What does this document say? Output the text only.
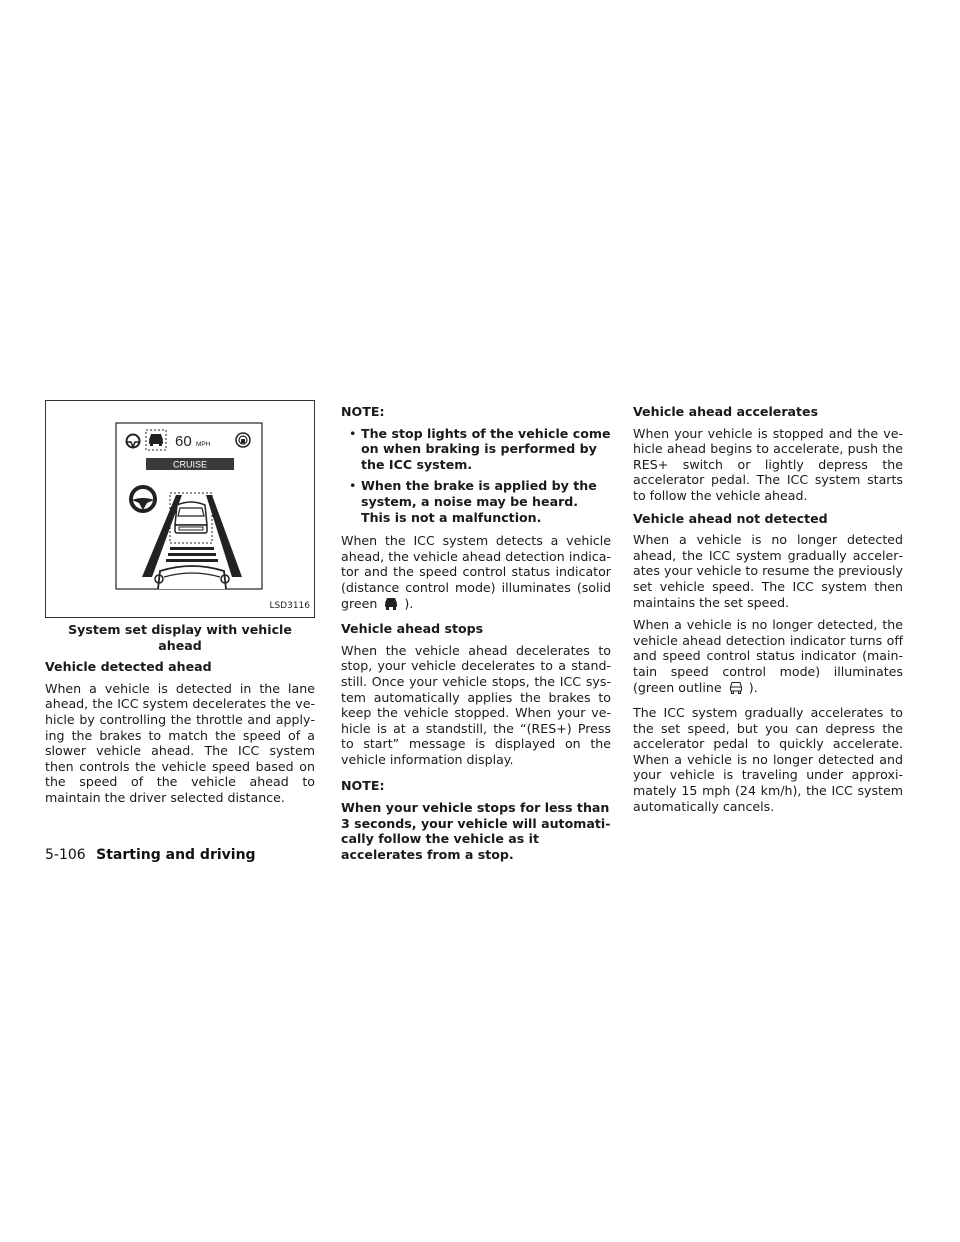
60 MPH
CRUISE
LSD3116
System set display with vehicle ahead
Vehicle detected ahead

When a vehicle is detected in the lane ahead, the ICC system decelerates the vehicle by controlling the throttle and applying the brakes to match the speed of a slower vehicle ahead. The ICC system then controls the vehicle speed based on the speed of the vehicle ahead to maintain the driver selected distance.

NOTE:
• The stop lights of the vehicle come on when braking is performed by the ICC system.
• When the brake is applied by the system, a noise may be heard. This is not a malfunction.

When the ICC system detects a vehicle ahead, the vehicle ahead detection indicator and the speed control status indicator (distance control mode) illuminates (solid green ).

Vehicle ahead stops

When the vehicle ahead decelerates to stop, your vehicle decelerates to a standstill. Once your vehicle stops, the ICC system automatically applies the brakes to keep the vehicle stopped. When your vehicle is at a standstill, the “(RES+) Press to start” message is displayed on the vehicle information display.

NOTE:

When your vehicle stops for less than 3 seconds, your vehicle will automatically follow the vehicle as it accelerates from a stop.

Vehicle ahead accelerates

When your vehicle is stopped and the vehicle ahead begins to accelerate, push the RES+ switch or lightly depress the accelerator pedal. The ICC system starts to follow the vehicle ahead.

Vehicle ahead not detected

When a vehicle is no longer detected ahead, the ICC system gradually accelerates your vehicle to resume the previously set vehicle speed. The ICC system then maintains the set speed.

When a vehicle is no longer detected, the vehicle ahead detection indicator turns off and speed control status indicator (maintain speed control mode) illuminates (green outline ).

The ICC system gradually accelerates to the set speed, but you can depress the accelerator pedal to quickly accelerate. When a vehicle is no longer detected and your vehicle is traveling under approximately 15 mph (24 km/h), the ICC system automatically cancels.

5-106 Starting and driving
